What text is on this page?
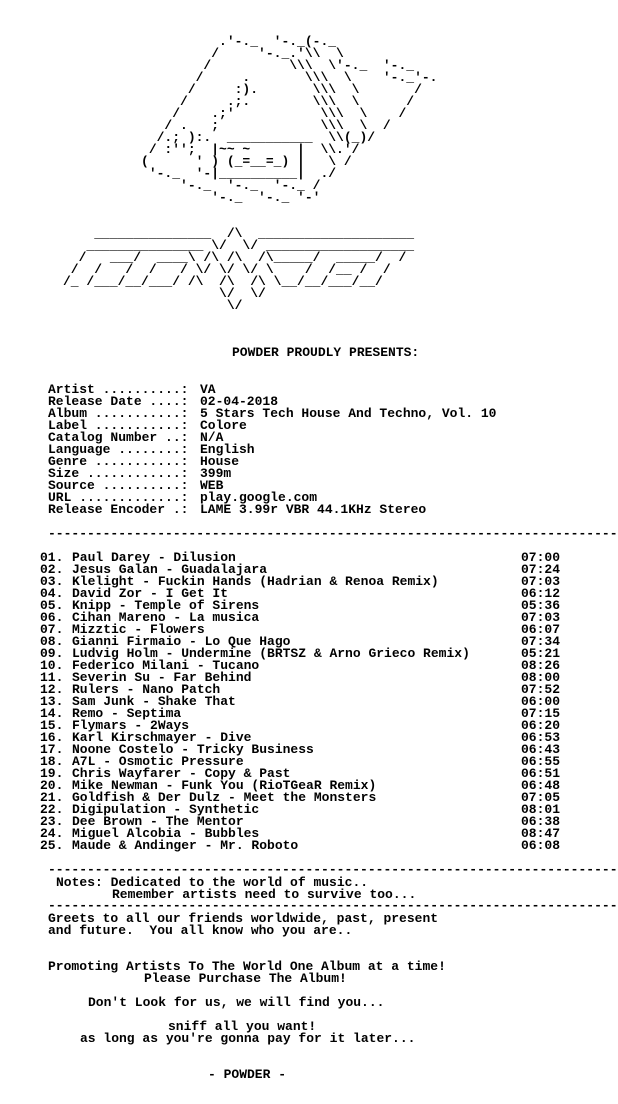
.'-._  '-._(-._
/     '-._.'\\  \
/          \\\  \'-._  '-._
/     .       \\\  \    '-._'-.
/     :).       \\\  \       /
/     .;.        \\\  \      /
/    .;'           \\\  \    /
/ .   ;             \\\  \  /
/.; ):.  ___________  \\(_)/
/ :'';  |~~ ~      |  \\.'/
(      ' ) (_=__=_) |   \ /
'-._  '-|__________|  ./
'-._  '-._  '-._ /
'-._  '-._ '-'

_______________  /\  ____________________
_______________ \/  \/ ___________________
/   ___/  ____\ /\ /\  /\_____/  _____/  /
/  /   /  /   / \/ \/ \/ \    /  /__ /  /
/_ /___/__/___/ /\  /\  /\ \__/__/___/__/
\/  \/
\/
POWDER PROUDLY PRESENTS:
Artist ..........: VA
Release Date ....: 02-04-2018
Album ...........: 5 Stars Tech House And Techno, Vol. 10
Label ...........: Colore
Catalog Number ..: N/A
Language ........: English
Genre ...........: House
Size ............: 399m
Source ..........: WEB
URL .............: play.google.com
Release Encoder .: LAME 3.99r VBR 44.1KHz Stereo
-------------------------------------------------------------------------
01. Paul Darey - Dilusion	07:00
02. Jesus Galan - Guadalajara	07:24
03. Klelight - Fuckin Hands (Hadrian & Renoa Remix)	07:03
04. David Zor - I Get It	06:12
05. Knipp - Temple of Sirens	05:36
06. Cihan Mareno - La musica	07:03
07. Mizztic - Flowers	06:07
08. Gianni Firmaio - Lo Que Hago	07:34
09. Ludvig Holm - Undermine (BRTSZ & Arno Grieco Remix)	05:21
10. Federico Milani - Tucano	08:26
11. Severin Su - Far Behind	08:00
12. Rulers - Nano Patch	07:52
13. Sam Junk - Shake That	06:00
14. Remo - Septima	07:15
15. Flymars - 2Ways	06:20
16. Karl Kirschmayer - Dive	06:53
17. Noone Costelo - Tricky Business	06:43
18. A7L - Osmotic Pressure	06:55
19. Chris Wayfarer - Copy & Past	06:51
20. Mike Newman - Funk You (RioTGeaR Remix)	06:48
21. Goldfish & Der Dulz - Meet the Monsters	07:05
22. Digipulation - Synthetic	08:01
23. Dee Brown - The Mentor	06:38
24. Miguel Alcobia - Bubbles	08:47
25. Maude & Andinger - Mr. Roboto	06:08
-------------------------------------------------------------------------
Notes: Dedicated to the world of music..
Remember artists need to survive too...
-------------------------------------------------------------------------
Greets to all our friends worldwide, past, present
and future.  You all know who you are..
Promoting Artists To The World One Album at a time!
Please Purchase The Album!
Don't Look for us, we will find you...
sniff all you want!
as long as you're gonna pay for it later...
- POWDER -
